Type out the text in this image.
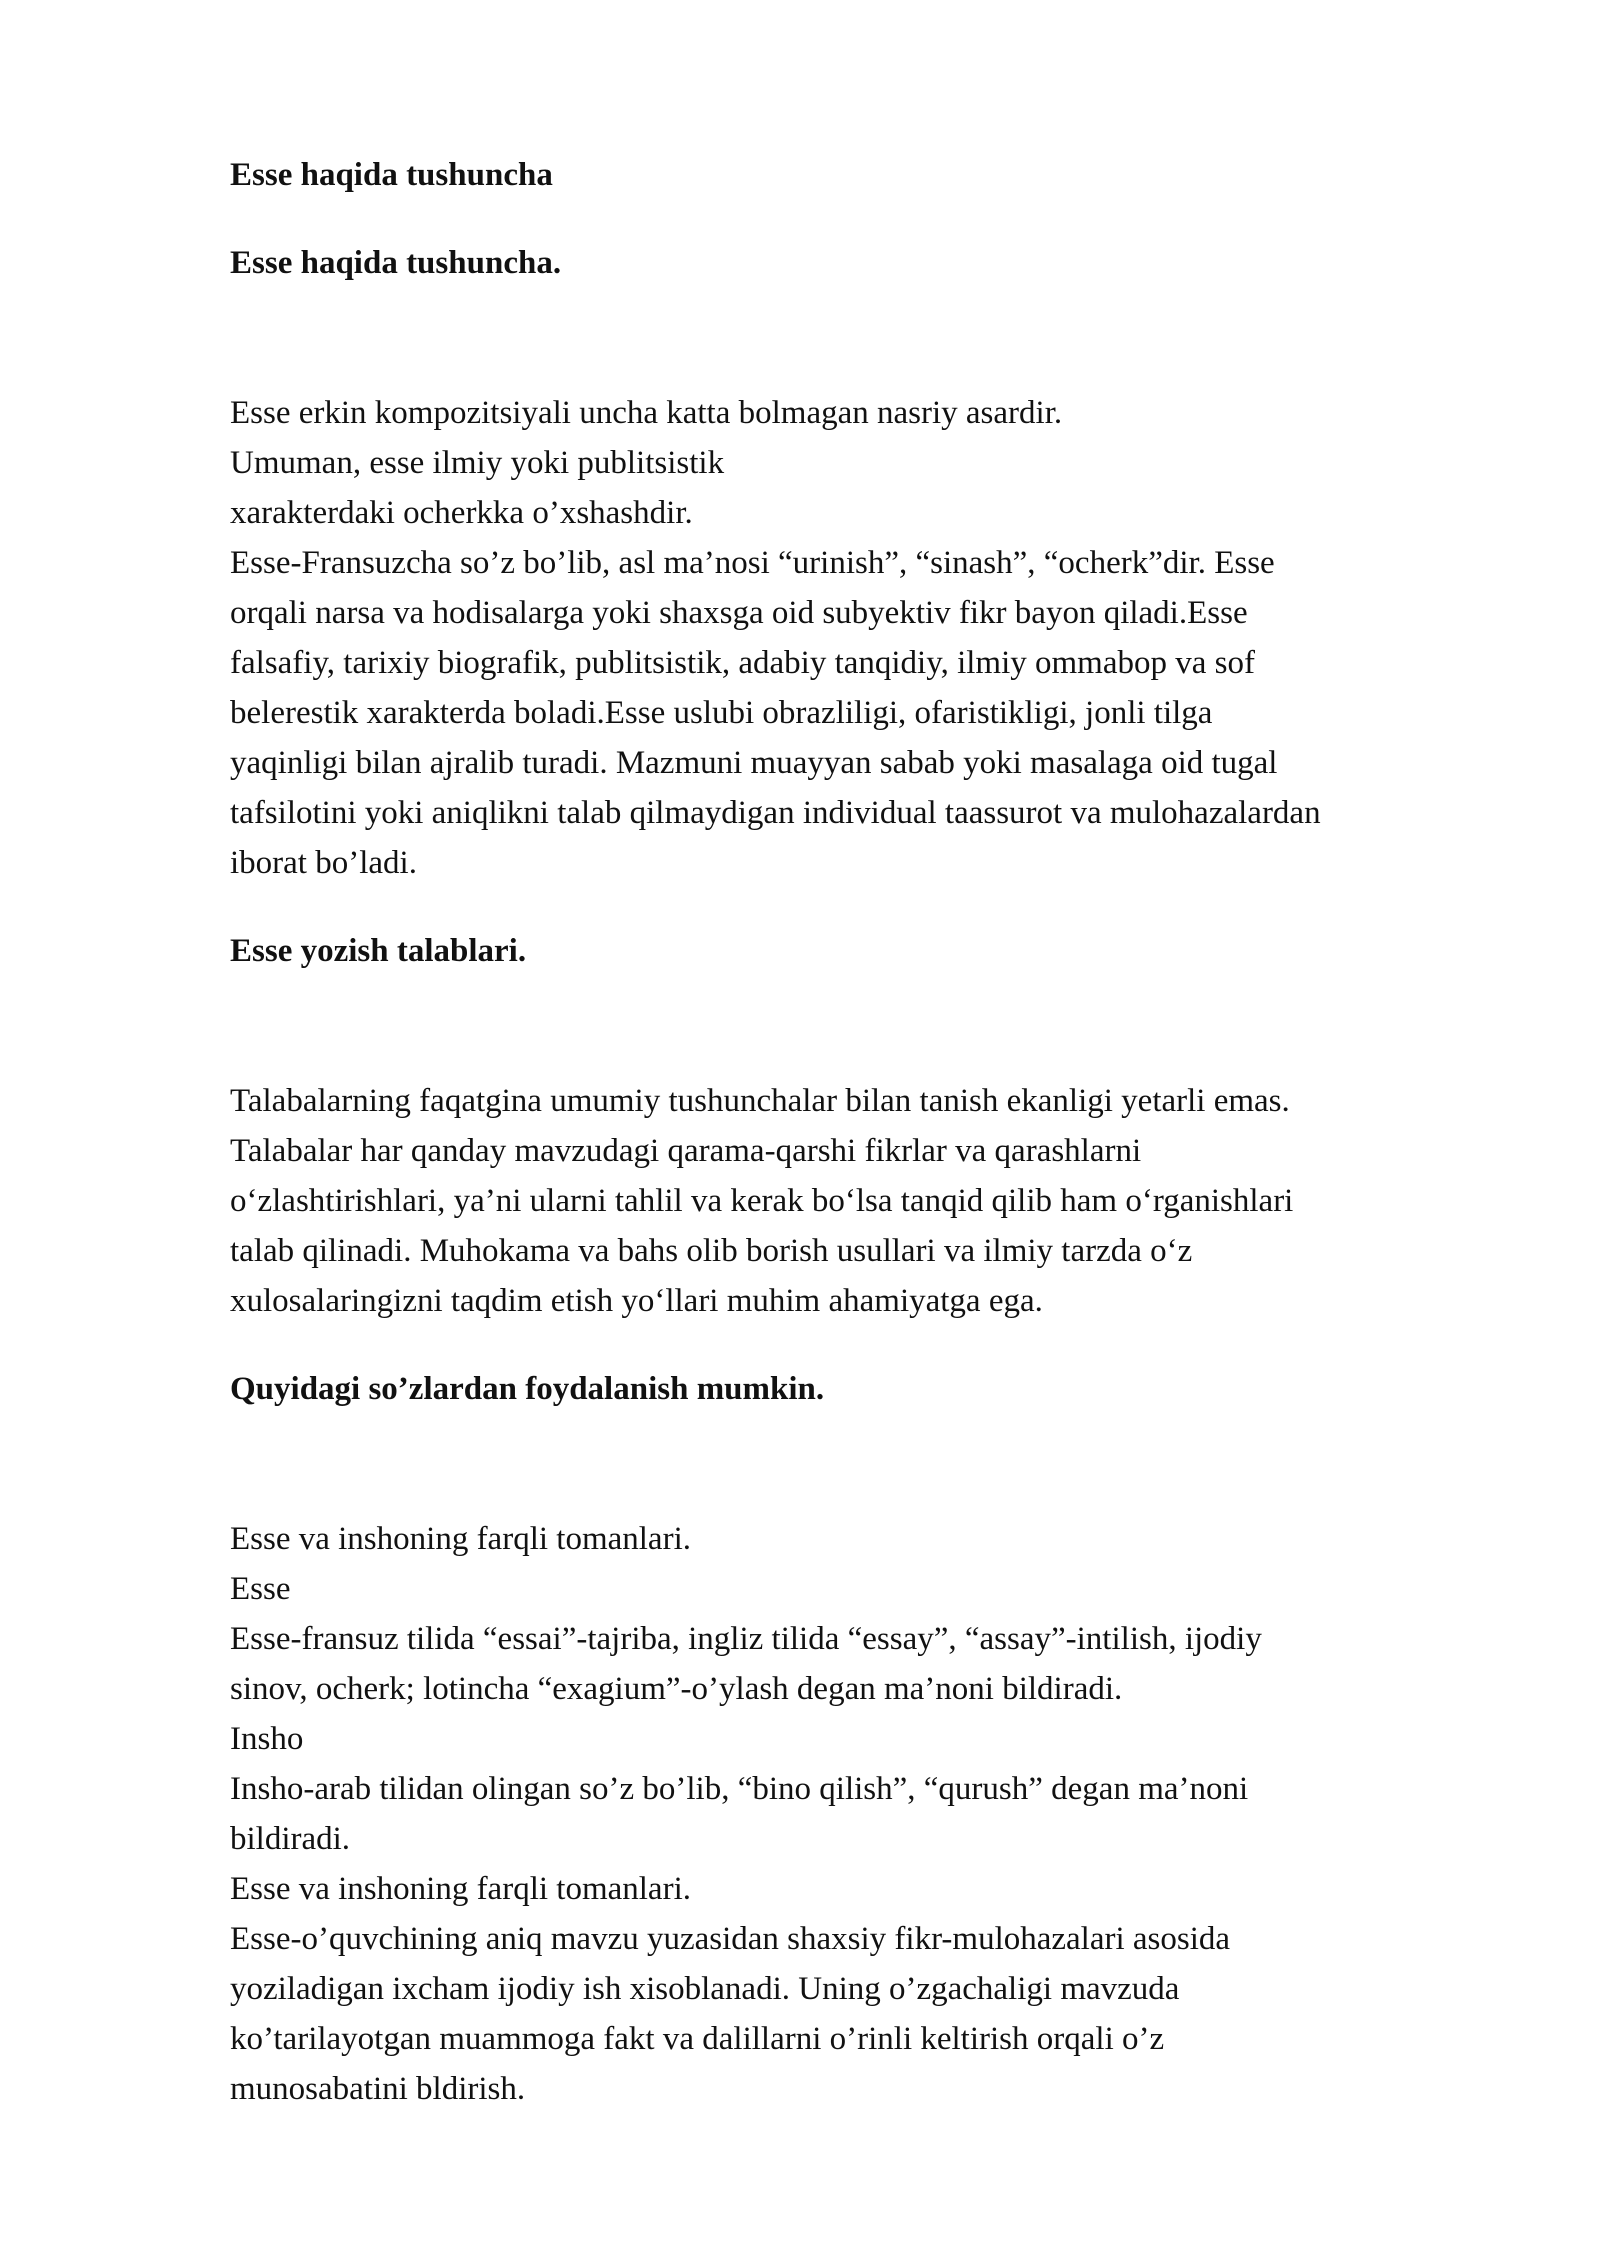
Esse haqida tushuncha

Esse haqida tushuncha.

Esse erkin kompozitsiyali uncha katta bolmagan nasriy asardir.
Umuman, esse ilmiy yoki publitsistik
xarakterdaki ocherkka o’xshashdir.
Esse-Fransuzcha so’z bo’lib, asl ma’nosi “urinish”, “sinash”, “ocherk”dir. Esse
orqali narsa va hodisalarga yoki shaxsga oid subyektiv fikr bayon qiladi.Esse
falsafiy, tarixiy biografik, publitsistik, adabiy tanqidiy, ilmiy ommabop va sof
belerestik xarakterda boladi.Esse uslubi obrazliligi, ofaristikligi, jonli tilga
yaqinligi bilan ajralib turadi. Mazmuni muayyan sabab yoki masalaga oid tugal
tafsilotini yoki aniqlikni talab qilmaydigan individual taassurot va mulohazalardan
iborat bo’ladi.

Esse yozish talablari.

Talabalarning faqatgina umumiy tushunchalar bilan tanish ekanligi yetarli emas.
Talabalar har qanday mavzudagi qarama-qarshi fikrlar va qarashlarni
o‘zlashtirishlari, ya’ni ularni tahlil va kerak bo‘lsa tanqid qilib ham o‘rganishlari
talab qilinadi. Muhokama va bahs olib borish usullari va ilmiy tarzda o‘z
xulosalaringizni taqdim etish yo‘llari muhim ahamiyatga ega.

Quyidagi so’zlardan foydalanish mumkin.

Esse va inshoning farqli tomanlari.
Esse
Esse-fransuz tilida “essai”-tajriba, ingliz tilida “essay”, “assay”-intilish, ijodiy
sinov, ocherk; lotincha “exagium”-o’ylash degan ma’noni bildiradi.
Insho
Insho-arab tilidan olingan so’z bo’lib, “bino qilish”, “qurush” degan ma’noni
bildiradi.
Esse va inshoning farqli tomanlari.
Esse-o’quvchining aniq mavzu yuzasidan shaxsiy fikr-mulohazalari asosida
yoziladigan ixcham ijodiy ish xisoblanadi. Uning o’zgachaligi mavzuda
ko’tarilayotgan muammoga fakt va dalillarni o’rinli keltirish orqali o’z
munosabatini bldirish.
